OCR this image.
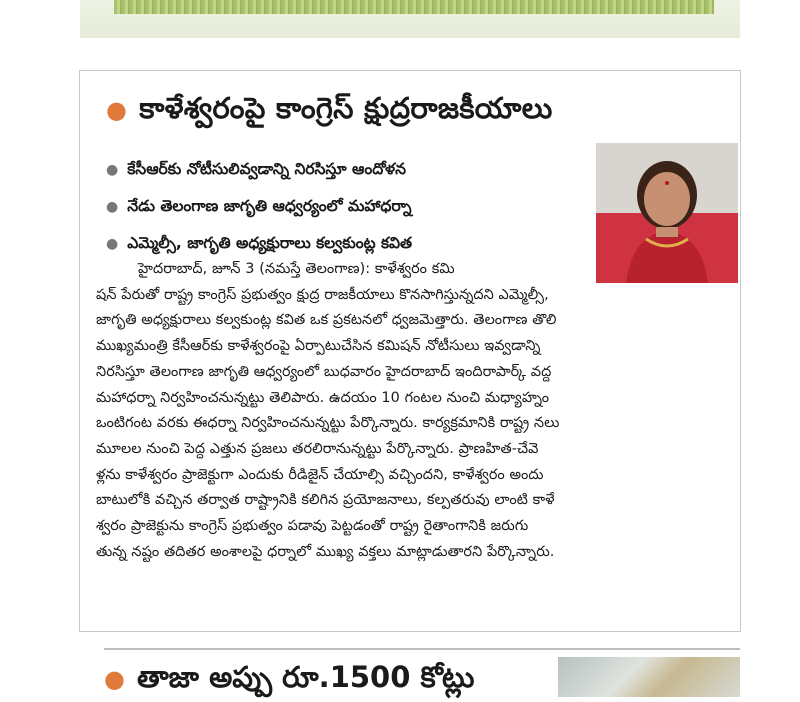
● కాళేశ్వరంపై కాంగ్రెస్ క్షుద్రరాజకీయాలు
● కేసీఆర్‌కు నోటీసులివ్వడాన్ని నిరసిస్తూ ఆందోళన
● నేడు తెలంగాణ జాగృతి ఆధ్వర్యంలో మహాధర్నా
● ఎమ్మెల్సీ, జాగృతి అధ్యక్షురాలు కల్వకుంట్ల కవిత
హైదరాబాద్, జూన్ 3 (నమస్తే తెలంగాణ): కాళేశ్వరం కమి
షన్ పేరుతో రాష్ట్ర కాంగ్రెస్ ప్రభుత్వం క్షుద్ర రాజకీయాలు కొనసాగిస్తున్నదని ఎమ్మెల్సీ,
జాగృతి అధ్యక్షురాలు కల్వకుంట్ల కవిత ఒక ప్రకటనలో ధ్వజమెత్తారు. తెలంగాణ తొలి
ముఖ్యమంత్రి కేసీఆర్‌కు కాళేశ్వరంపై ఏర్పాటుచేసిన కమిషన్ నోటీసులు ఇవ్వడాన్ని
నిరసిస్తూ తెలంగాణ జాగృతి ఆధ్వర్యంలో బుధవారం హైదరాబాద్ ఇందిరాపార్క్ వద్ద
మహాధర్నా నిర్వహించనున్నట్టు తెలిపారు. ఉదయం 10 గంటల నుంచి మధ్యాహ్నం
ఒంటిగంట వరకు ఈధర్నా నిర్వహించనున్నట్టు పేర్కొన్నారు. కార్యక్రమానికి రాష్ట్ర నలు
మూలల నుంచి పెద్ద ఎత్తున ప్రజలు తరలిరానున్నట్టు పేర్కొన్నారు. ప్రాణహిత-చేవె
ళ్లను కాళేశ్వరం ప్రాజెక్టుగా ఎందుకు రీడిజైన్ చేయాల్సి వచ్చిందని, కాళేశ్వరం అందు
బాటులోకి వచ్చిన తర్వాత రాష్ట్రానికి కలిగిన ప్రయోజనాలు, కల్పతరువు లాంటి కాళే
శ్వరం ప్రాజెక్టును కాంగ్రెస్ ప్రభుత్వం పడావు పెట్టడంతో రాష్ట్ర రైతాంగానికి జరుగు
తున్న నష్టం తదితర అంశాలపై ధర్నాలో ముఖ్య వక్తలు మాట్లాడుతారని పేర్కొన్నారు.
● తాజా అప్పు రూ.1500 కోట్లు
